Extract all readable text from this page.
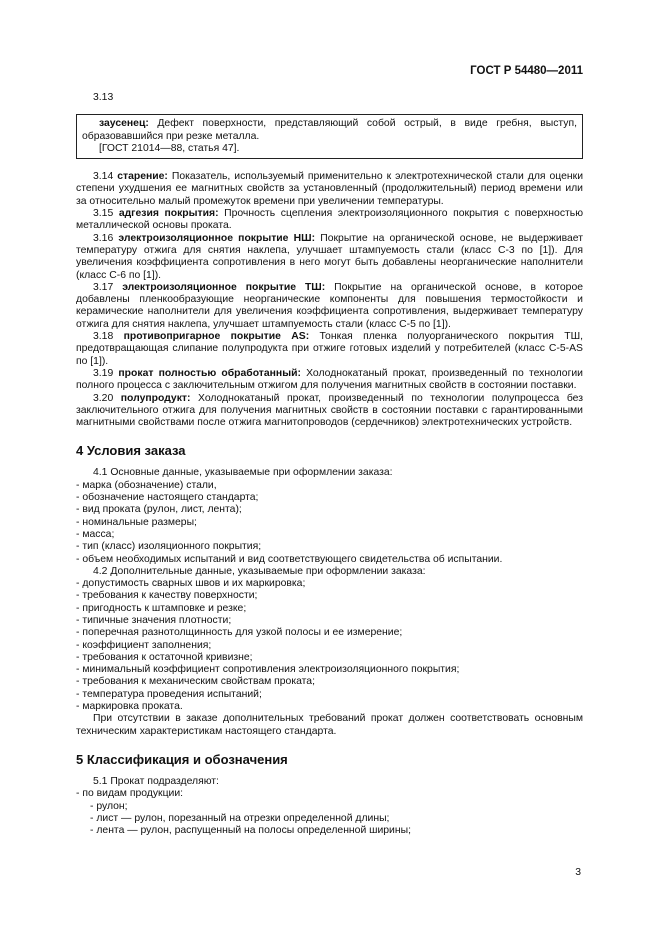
ГОСТ Р 54480—2011
3.13

заусенец: Дефект поверхности, представляющий собой острый, в виде гребня, выступ, образовавшийся при резке металла.

[ГОСТ 21014—88, статья 47].

3.14 старение: Показатель, используемый применительно к электротехнической стали для оценки степени ухудшения ее магнитных свойств за установленный (продолжительный) период времени или за относительно малый промежуток времени при увеличении температуры.

3.15 адгезия покрытия: Прочность сцепления электроизоляционного покрытия с поверхностью металлической основы проката.

3.16 электроизоляционное покрытие НШ: Покрытие на органической основе, не выдерживает температуру отжига для снятия наклепа, улучшает штампуемость стали (класс С-3 по [1]). Для увеличения коэффициента сопротивления в него могут быть добавлены неорганические наполнители (класс С-6 по [1]).

3.17 электроизоляционное покрытие ТШ: Покрытие на органической основе, в которое добавлены пленкообразующие неорганические компоненты для повышения термостойкости и керамические наполнители для увеличения коэффициента сопротивления, выдерживает температуру отжига для снятия наклепа, улучшает штампуемость стали (класс С-5 по [1]).

3.18 противопригарное покрытие AS: Тонкая пленка полуорганического покрытия ТШ, предотвращающая слипание полупродукта при отжиге готовых изделий у потребителей (класс С-5-AS по [1]).

3.19 прокат полностью обработанный: Холоднокатаный прокат, произведенный по технологии полного процесса с заключительным отжигом для получения магнитных свойств в состоянии поставки.

3.20 полупродукт: Холоднокатаный прокат, произведенный по технологии полупроцесса без заключительного отжига для получения магнитных свойств в состоянии поставки с гарантированными магнитными свойствами после отжига магнитопроводов (сердечников) электротехнических устройств.

4 Условия заказа

4.1 Основные данные, указываемые при оформлении заказа:

- марка (обозначение) стали,

- обозначение настоящего стандарта;

- вид проката (рулон, лист, лента);

- номинальные размеры;

- масса;

- тип (класс) изоляционного покрытия;

- объем необходимых испытаний и вид соответствующего свидетельства об испытании.

4.2 Дополнительные данные, указываемые при оформлении заказа:

- допустимость сварных швов и их маркировка;

- требования к качеству поверхности;

- пригодность к штамповке и резке;

- типичные значения плотности;

- поперечная разнотолщинность для узкой полосы и ее измерение;

- коэффициент заполнения;

- требования к остаточной кривизне;

- минимальный коэффициент сопротивления электроизоляционного покрытия;

- требования к механическим свойствам проката;

- температура проведения испытаний;

- маркировка проката.

При отсутствии в заказе дополнительных требований прокат должен соответствовать основным техническим характеристикам настоящего стандарта.

5 Классификация и обозначения

5.1 Прокат подразделяют:

- по видам продукции:

- рулон;

- лист — рулон, порезанный на отрезки определенной длины;

- лента — рулон, распущенный на полосы определенной ширины;

3
